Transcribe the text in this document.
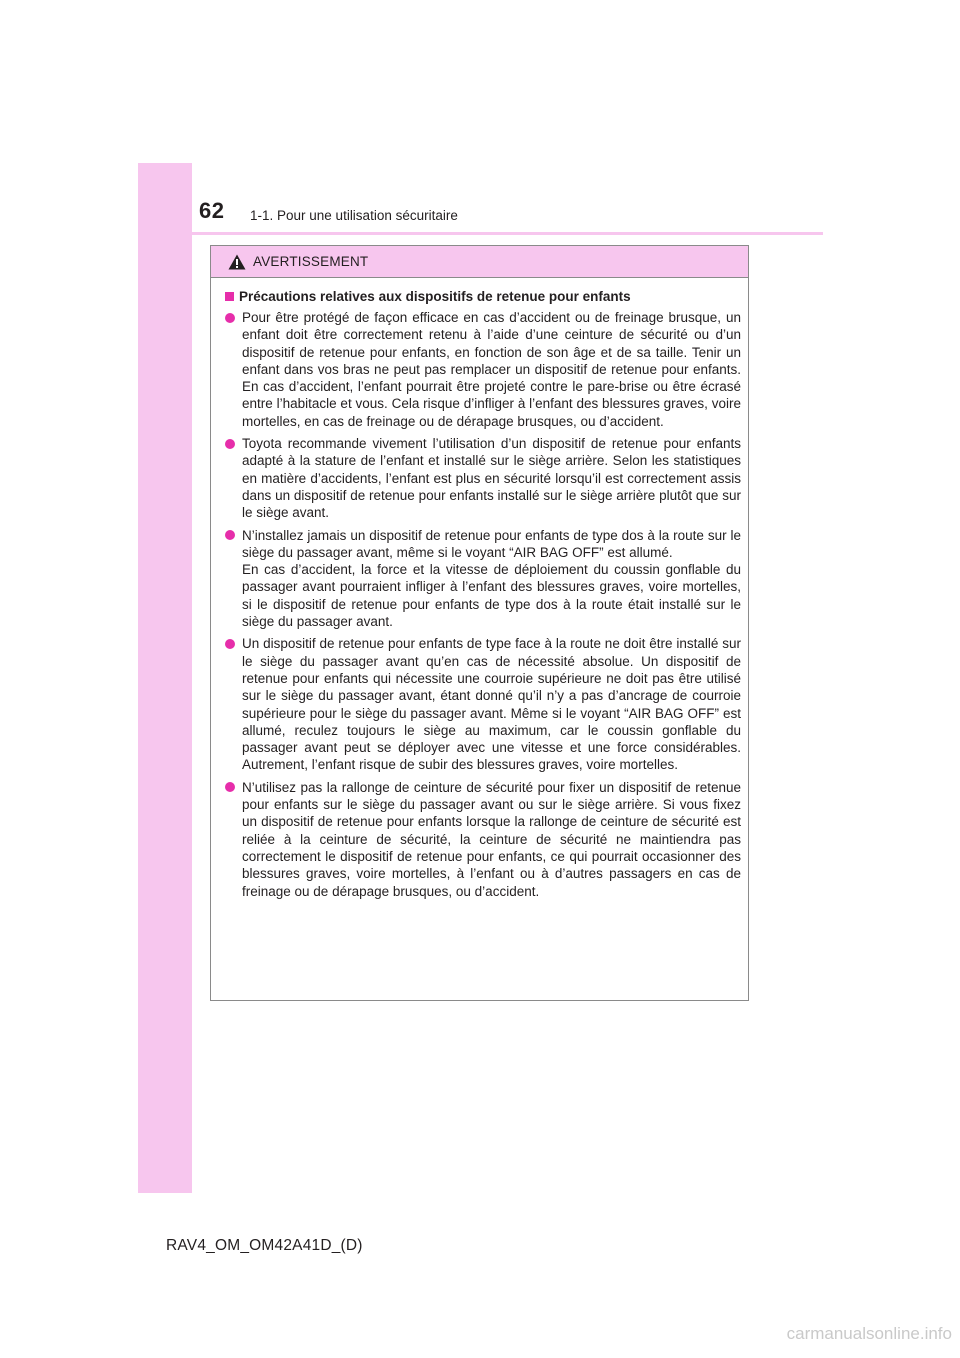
62 1-1. Pour une utilisation sécuritaire
AVERTISSEMENT
Précautions relatives aux dispositifs de retenue pour enfants

Pour être protégé de façon efficace en cas d’accident ou de freinage brusque, un enfant doit être correctement retenu à l’aide d’une ceinture de sécurité ou d’un dispositif de retenue pour enfants, en fonction de son âge et de sa taille. Tenir un enfant dans vos bras ne peut pas remplacer un dispositif de retenue pour enfants. En cas d’accident, l’enfant pourrait être projeté contre le pare-brise ou être écrasé entre l’habitacle et vous. Cela risque d’infliger à l’enfant des blessures graves, voire mortelles, en cas de freinage ou de dérapage brusques, ou d’accident.

Toyota recommande vivement l’utilisation d’un dispositif de retenue pour enfants adapté à la stature de l’enfant et installé sur le siège arrière. Selon les statistiques en matière d’accidents, l’enfant est plus en sécurité lorsqu’il est correctement assis dans un dispositif de retenue pour enfants installé sur le siège arrière plutôt que sur le siège avant.

N’installez jamais un dispositif de retenue pour enfants de type dos à la route sur le siège du passager avant, même si le voyant “AIR BAG OFF” est allumé.

En cas d’accident, la force et la vitesse de déploiement du coussin gonflable du passager avant pourraient infliger à l’enfant des blessures graves, voire mortelles, si le dispositif de retenue pour enfants de type dos à la route était installé sur le siège du passager avant.

Un dispositif de retenue pour enfants de type face à la route ne doit être installé sur le siège du passager avant qu’en cas de nécessité absolue. Un dispositif de retenue pour enfants qui nécessite une courroie supérieure ne doit pas être utilisé sur le siège du passager avant, étant donné qu’il n’y a pas d’ancrage de courroie supérieure pour le siège du passager avant. Même si le voyant “AIR BAG OFF” est allumé, reculez toujours le siège au maximum, car le coussin gonflable du passager avant peut se déployer avec une vitesse et une force considérables. Autrement, l’enfant risque de subir des blessures graves, voire mortelles.

N’utilisez pas la rallonge de ceinture de sécurité pour fixer un dispositif de retenue pour enfants sur le siège du passager avant ou sur le siège arrière. Si vous fixez un dispositif de retenue pour enfants lorsque la rallonge de ceinture de sécurité est reliée à la ceinture de sécurité, la ceinture de sécurité ne maintiendra pas correctement le dispositif de retenue pour enfants, ce qui pourrait occasionner des blessures graves, voire mortelles, à l’enfant ou à d’autres passagers en cas de freinage ou de dérapage brusques, ou d’accident.

RAV4_OM_OM42A41D_(D)
carmanualsonline.info
